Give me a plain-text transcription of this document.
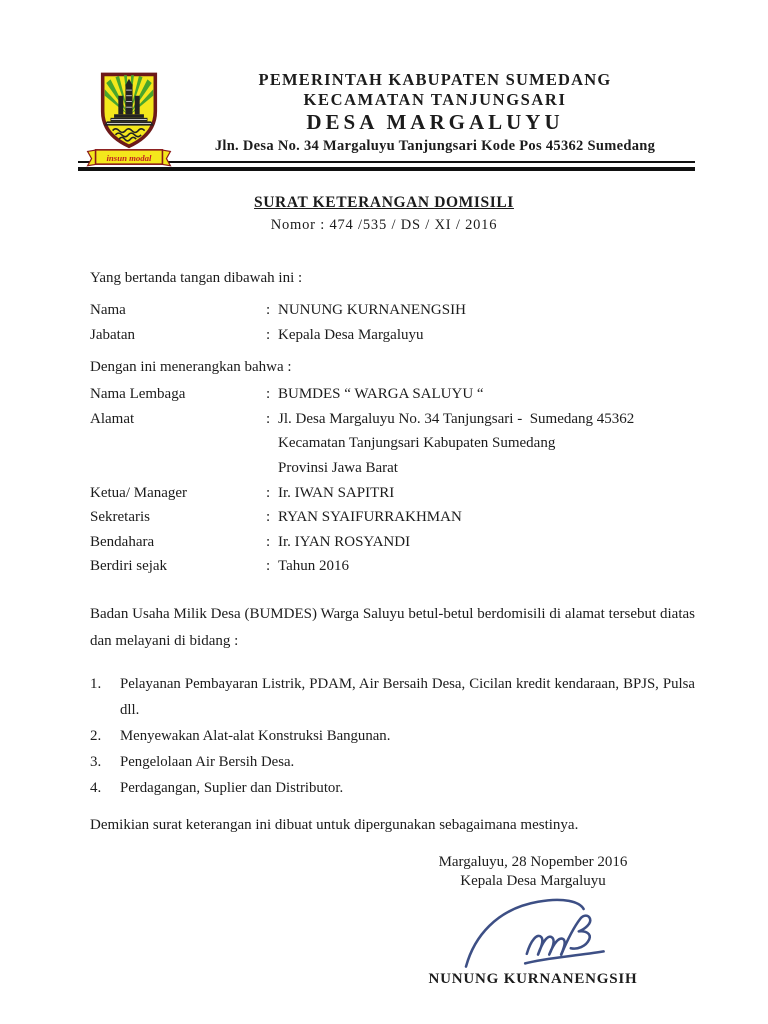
insun modal
PEMERINTAH KABUPATEN SUMEDANG
KECAMATAN TANJUNGSARI
DESA MARGALUYU
Jln. Desa No. 34 Margaluyu Tanjungsari Kode Pos 45362 Sumedang
SURAT KETERANGAN DOMISILI
Nomor : 474 /535 / DS / XI / 2016

Yang bertanda tangan dibawah ini :

Nama	: NUNUNG KURNANENGSIH
Jabatan	: Kepala Desa Margaluyu

Dengan ini menerangkan bahwa :

Nama Lembaga	: BUMDES “ WARGA SALUYU “
Alamat	: Jl. Desa Margaluyu No. 34 Tanjungsari -  Sumedang 45362
Kecamatan Tanjungsari Kabupaten Sumedang
Provinsi Jawa Barat
Ketua/ Manager	: Ir. IWAN SAPITRI
Sekretaris	: RYAN SYAIFURRAKHMAN
Bendahara	: Ir. IYAN ROSYANDI
Berdiri sejak	: Tahun 2016

Badan Usaha Milik Desa (BUMDES) Warga Saluyu betul-betul berdomisili di alamat tersebut diatas dan melayani di bidang :

1.	Pelayanan Pembayaran Listrik, PDAM, Air Bersaih Desa, Cicilan kredit kendaraan, BPJS, Pulsa dll.
2.	Menyewakan Alat-alat Konstruksi Bangunan.
3.	Pengelolaan Air Bersih Desa.
4.	Perdagangan, Suplier dan Distributor.

Demikian surat keterangan ini dibuat untuk dipergunakan sebagaimana mestinya.

Margaluyu, 28 Nopember 2016
Kepala Desa Margaluyu
NUNUNG KURNANENGSIH
